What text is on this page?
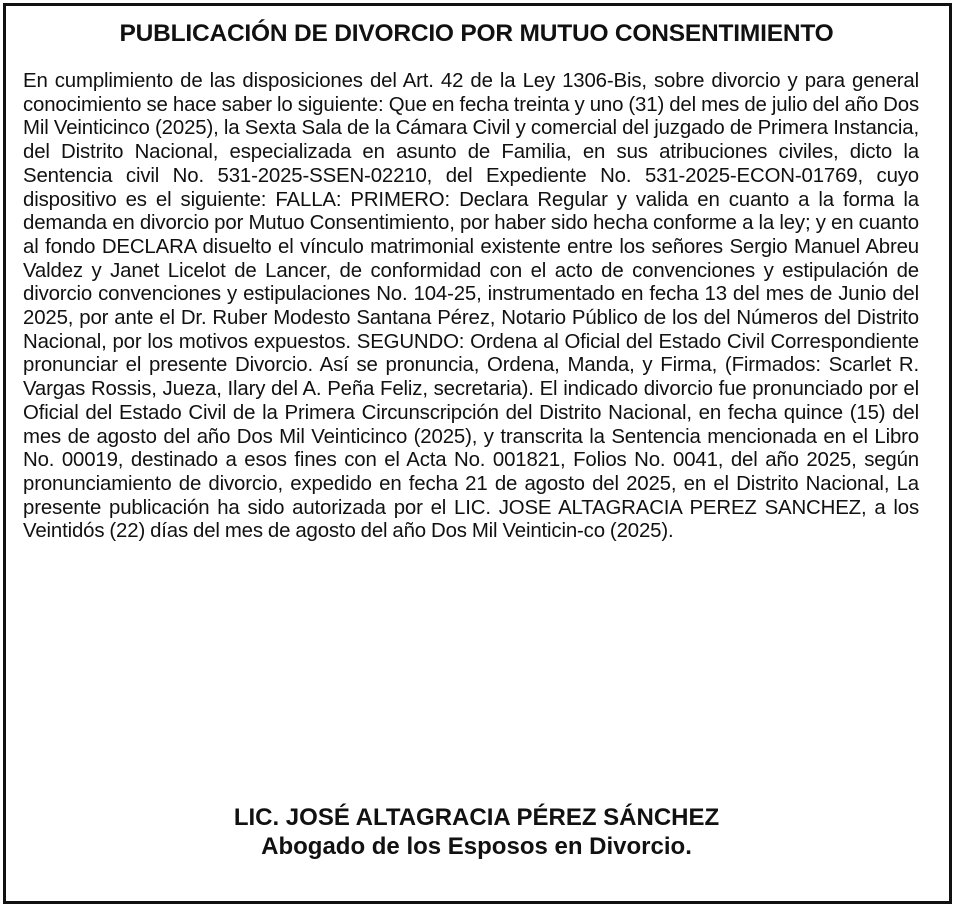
PUBLICACIÓN DE DIVORCIO POR MUTUO CONSENTIMIENTO
En cumplimiento de las disposiciones del Art. 42 de la Ley 1306-Bis, sobre divorcio y para general conocimiento se hace saber lo siguiente: Que en fecha treinta y uno (31) del mes de julio del año Dos Mil Veinticinco (2025), la Sexta Sala de la Cámara Civil y comercial del juzgado de Primera Instancia, del Distrito Nacional, especializada en asunto de Familia, en sus atribuciones civiles, dicto la Sentencia civil No. 531-2025-SSEN-02210, del Expediente No. 531-2025-ECON-01769, cuyo dispositivo es el siguiente: FALLA: PRIMERO: Declara Regular y valida en cuanto a la forma la demanda en divorcio por Mutuo Consentimiento, por haber sido hecha conforme a la ley; y en cuanto al fondo DECLARA disuelto el vínculo matrimonial existente entre los señores Sergio Manuel Abreu Valdez y Janet Licelot de Lancer, de conformidad con el acto de convenciones y estipulación de divorcio convenciones y estipulaciones No. 104-25, instrumentado en fecha 13 del mes de Junio del 2025, por ante el Dr. Ruber Modesto Santana Pérez, Notario Público de los del Números del Distrito Nacional, por los motivos expuestos. SEGUNDO: Ordena al Oficial del Estado Civil Correspondiente pronunciar el presente Divorcio. Así se pronuncia, Ordena, Manda, y Firma, (Firmados: Scarlet R. Vargas Rossis, Jueza, Ilary del A. Peña Feliz, secretaria). El indicado divorcio fue pronunciado por el Oficial del Estado Civil de la Primera Circunscripción del Distrito Nacional, en fecha quince (15) del mes de agosto del año Dos Mil Veinticinco (2025), y transcrita la Sentencia mencionada en el Libro No. 00019, destinado a esos fines con el Acta No. 001821, Folios No. 0041, del año 2025, según pronunciamiento de divorcio, expedido en fecha 21 de agosto del 2025, en el Distrito Nacional, La presente publicación ha sido autorizada por el LIC. JOSE ALTAGRACIA PEREZ SANCHEZ, a los Veintidós (22) días del mes de agosto del año Dos Mil Veinticin-co (2025).
LIC. JOSÉ ALTAGRACIA PÉREZ SÁNCHEZ
Abogado de los Esposos en Divorcio.
